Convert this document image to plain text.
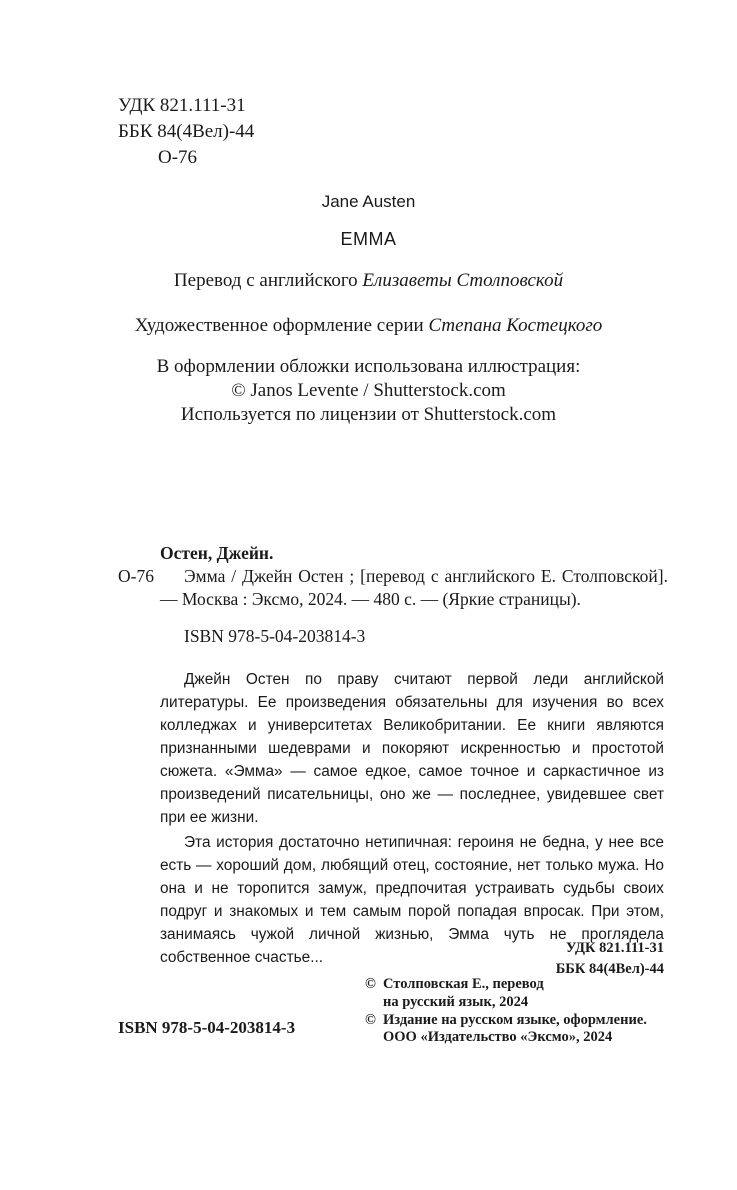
УДК 821.111-31
ББК 84(4Вел)-44
О-76
Jane Austen
EMMA
Перевод с английского Елизаветы Столповской
Художественное оформление серии Степана Костецкого
В оформлении обложки использована иллюстрация:
© Janos Levente / Shutterstock.com
Используется по лицензии от Shutterstock.com
Остен, Джейн.
О-76	Эмма / Джейн Остен ; [перевод с английского Е. Столповской]. — Москва : Эксмо, 2024. — 480 с. — (Яркие страницы).
ISBN 978-5-04-203814-3

Джейн Остен по праву считают первой леди английской литературы. Ее произведения обязательны для изучения во всех колледжах и университетах Великобритании. Ее книги являются признанными шедеврами и покоряют искренностью и простотой сюжета. «Эмма» — самое едкое, самое точное и саркастичное из произведений писательницы, оно же — последнее, увидевшее свет при ее жизни.

Эта история достаточно нетипичная: героиня не бедна, у нее все есть — хороший дом, любящий отец, состояние, нет только мужа. Но она и не торопится замуж, предпочитая устраивать судьбы своих подруг и знакомых и тем самым порой попадая впросак. При этом, занимаясь чужой личной жизнью, Эмма чуть не проглядела собственное счастье...

УДК 821.111-31
ББК 84(4Вел)-44
© Столповская Е., перевод
на русский язык, 2024
© Издание на русском языке, оформление.
ООО «Издательство «Эксмо», 2024
ISBN 978-5-04-203814-3
